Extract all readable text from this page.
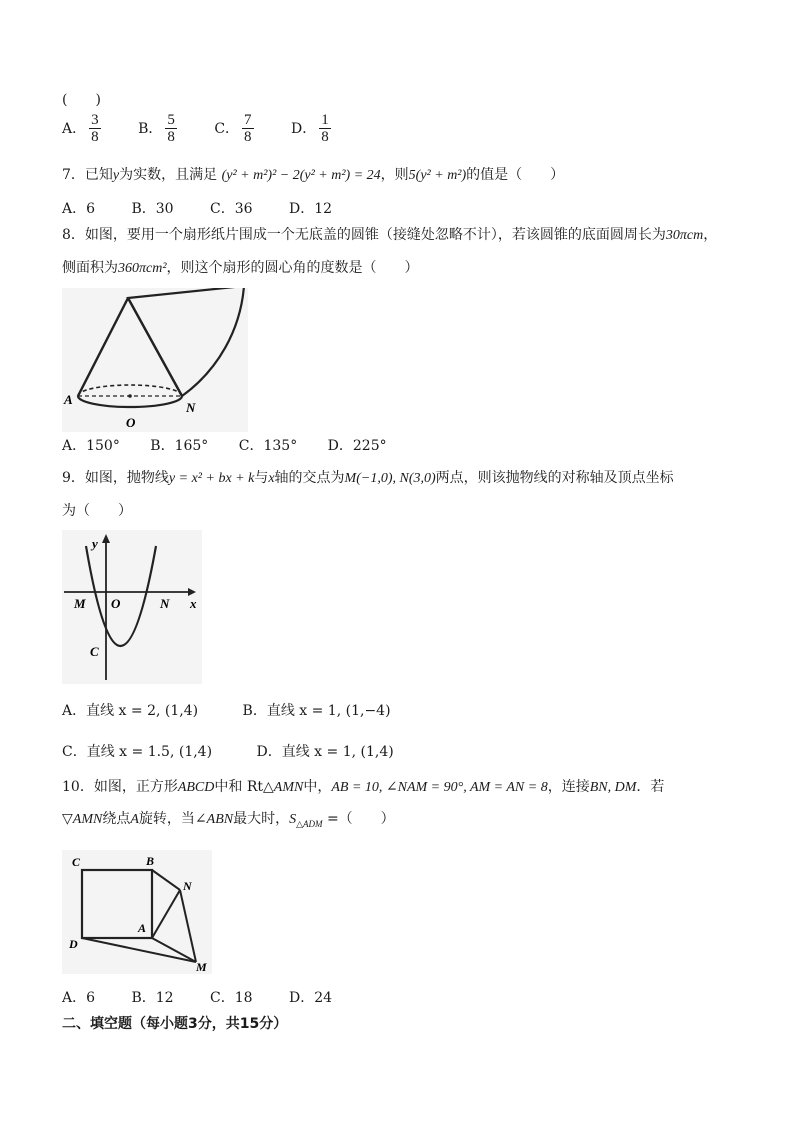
(　　)
A． $\frac{3}{8}$	B． $\frac{5}{8}$	C． $\frac{7}{8}$	D． $\frac{1}{8}$
7．已知y为实数，且满足 (y² + m²)² − 2(y² + m²) = 24，则5(y² + m²)的值是（　　）
A．6	B．30	C．36	D．12
8．如图，要用一个扇形纸片围成一个无底盖的圆锥（接缝处忽略不计），若该圆锥的底面圆周长为30πcm，
侧面积为360πcm²，则这个扇形的圆心角的度数是（　　）
A
O
N
A．150° B．165° C．135° D．225°
9．如图，抛物线y = x² + bx + k与x轴的交点为M(−1,0), N(3,0)两点，则该抛物线的对称轴及顶点坐标
为（　　）
y
x
M O	N
C
A．直线 x = 2, (1,4)	B．直线 x = 1, (1,−4)
C．直线 x = 1.5, (1,4)	D．直线 x = 1, (1,4)
10．如图，正方形ABCD中和 Rt△AMN中，AB = 10, ∠NAM = 90°, AM = AN = 8，连接BN, DM．若
▽AMN绕点A旋转，当∠ABN最大时，$S_{\triangle ADM}$ =（　　）
C	B
N
A
D
M
A．6	B．12	C．18	D．24
二、填空题（每小题3分，共15分）
